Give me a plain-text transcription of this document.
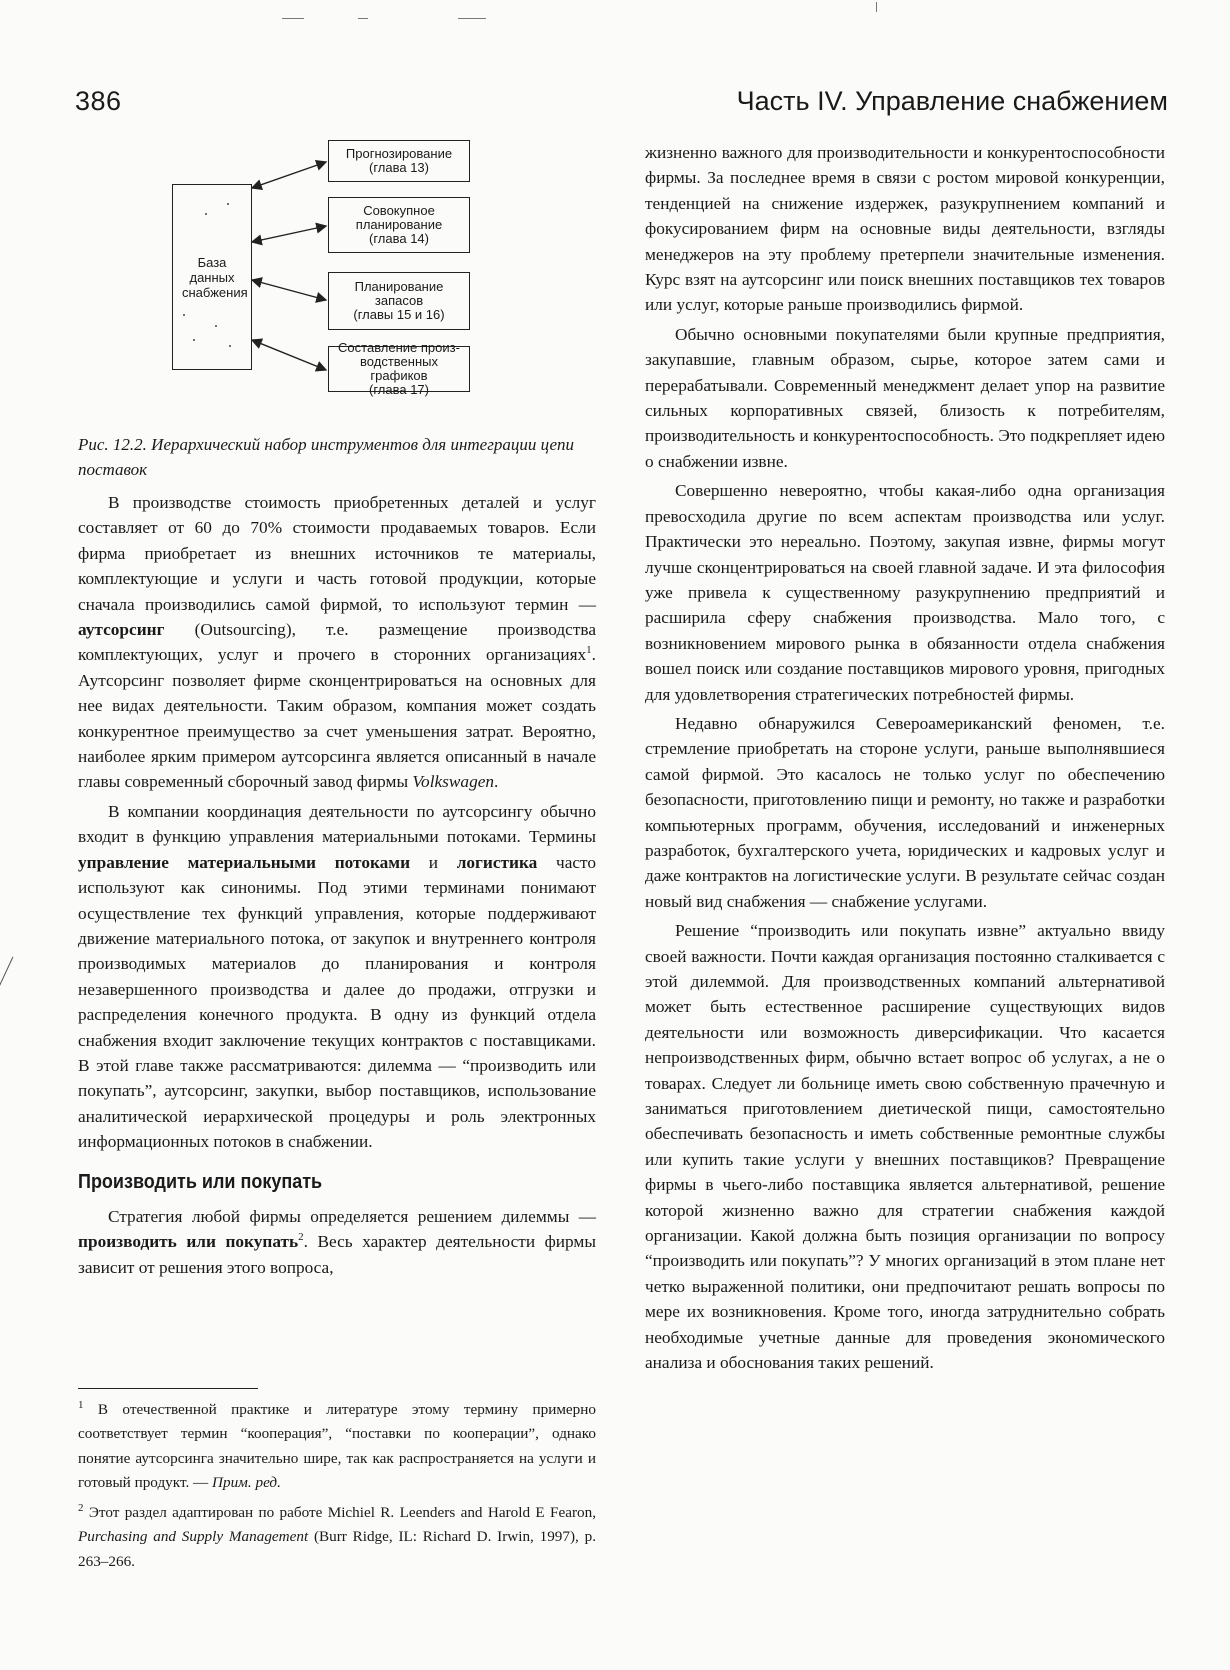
386	Часть IV. Управление снабжением
База данных снабжения
Прогнозирование
(глава 13)
Совокупное планирование
(глава 14)
Планирование запасов
(главы 15 и 16)
Составление произ- водственных графиков
(глава 17)
Рис. 12.2. Иерархический набор инструментов для интеграции цепи поставок

В производстве стоимость приобретенных деталей и услуг составляет от 60 до 70% стоимости продаваемых товаров. Если фирма приобретает из внешних источников те материалы, комплектующие и услуги и часть готовой продукции, которые сначала производились самой фирмой, то используют термин — аутсорсинг (Outsourcing), т.е. размещение производства комплектующих, услуг и прочего в сторонних организациях$^1$. Аутсорсинг позволяет фирме сконцентрироваться на основных для нее видах деятельности. Таким образом, компания может создать конкурентное преимущество за счет уменьшения затрат. Вероятно, наиболее ярким примером аутсорсинга является описанный в начале главы современный сборочный завод фирмы Volkswagen.

В компании координация деятельности по аутсорсингу обычно входит в функцию управления материальными потоками. Термины управление материальными потоками и логистика часто используют как синонимы. Под этими терминами понимают осуществление тех функций управления, которые поддерживают движение материального потока, от закупок и внутреннего контроля производимых материалов до планирования и контроля незавершенного производства и далее до продажи, отгрузки и распределения конечного продукта. В одну из функций отдела снабжения входит заключение текущих контрактов с поставщиками. В этой главе также рассматриваются: дилемма — “производить или покупать”, аутсорсинг, закупки, выбор поставщиков, использование аналитической иерархической процедуры и роль электронных информационных потоков в снабжении.

Производить или покупать

Стратегия любой фирмы определяется решением дилеммы — производить или покупать$^2$. Весь характер деятельности фирмы зависит от решения этого вопроса,

$^1$ В отечественной практике и литературе этому термину примерно соответствует термин “кооперация”, “поставки по кооперации”, однако понятие аутсорсинга значительно шире, так как распространяется на услуги и готовый продукт. — Прим. ред.

$^2$ Этот раздел адаптирован по работе Michiel R. Leenders and Harold E Fearon, Purchasing and Supply Management (Burr Ridge, IL: Richard D. Irwin, 1997), p. 263–266.

жизненно важного для производительности и конкурентоспособности фирмы. За последнее время в связи с ростом мировой конкуренции, тенденцией на снижение издержек, разукрупнением компаний и фокусированием фирм на основные виды деятельности, взгляды менеджеров на эту проблему претерпели значительные изменения. Курс взят на аутсорсинг или поиск внешних поставщиков тех товаров или услуг, которые раньше производились фирмой.

Обычно основными покупателями были крупные предприятия, закупавшие, главным образом, сырье, которое затем сами и перерабатывали. Современный менеджмент делает упор на развитие сильных корпоративных связей, близость к потребителям, производительность и конкурентоспособность. Это подкрепляет идею о снабжении извне.

Совершенно невероятно, чтобы какая-либо одна организация превосходила другие по всем аспектам производства или услуг. Практически это нереально. Поэтому, закупая извне, фирмы могут лучше сконцентрироваться на своей главной задаче. И эта философия уже привела к существенному разукрупнению предприятий и расширила сферу снабжения производства. Мало того, с возникновением мирового рынка в обязанности отдела снабжения вошел поиск или создание поставщиков мирового уровня, пригодных для удовлетворения стратегических потребностей фирмы.

Недавно обнаружился Североамериканский феномен, т.е. стремление приобретать на стороне услуги, раньше выполнявшиеся самой фирмой. Это касалось не только услуг по обеспечению безопасности, приготовлению пищи и ремонту, но также и разработки компьютерных программ, обучения, исследований и инженерных разработок, бухгалтерского учета, юридических и кадровых услуг и даже контрактов на логистические услуги. В результате сейчас создан новый вид снабжения — снабжение услугами.

Решение “производить или покупать извне” актуально ввиду своей важности. Почти каждая организация постоянно сталкивается с этой дилеммой. Для производственных компаний альтернативой может быть естественное расширение существующих видов деятельности или возможность диверсификации. Что касается непроизводственных фирм, обычно встает вопрос об услугах, а не о товарах. Следует ли больнице иметь свою собственную прачечную и заниматься приготовлением диетической пищи, самостоятельно обеспечивать безопасность и иметь собственные ремонтные службы или купить такие услуги у внешних поставщиков? Превращение фирмы в чьего-либо поставщика является альтернативой, решение которой жизненно важно для стратегии снабжения каждой организации. Какой должна быть позиция организации по вопросу “производить или покупать”? У многих организаций в этом плане нет четко выраженной политики, они предпочитают решать вопросы по мере их возникновения. Кроме того, иногда затруднительно собрать необходимые учетные данные для проведения экономического анализа и обоснования таких решений.
